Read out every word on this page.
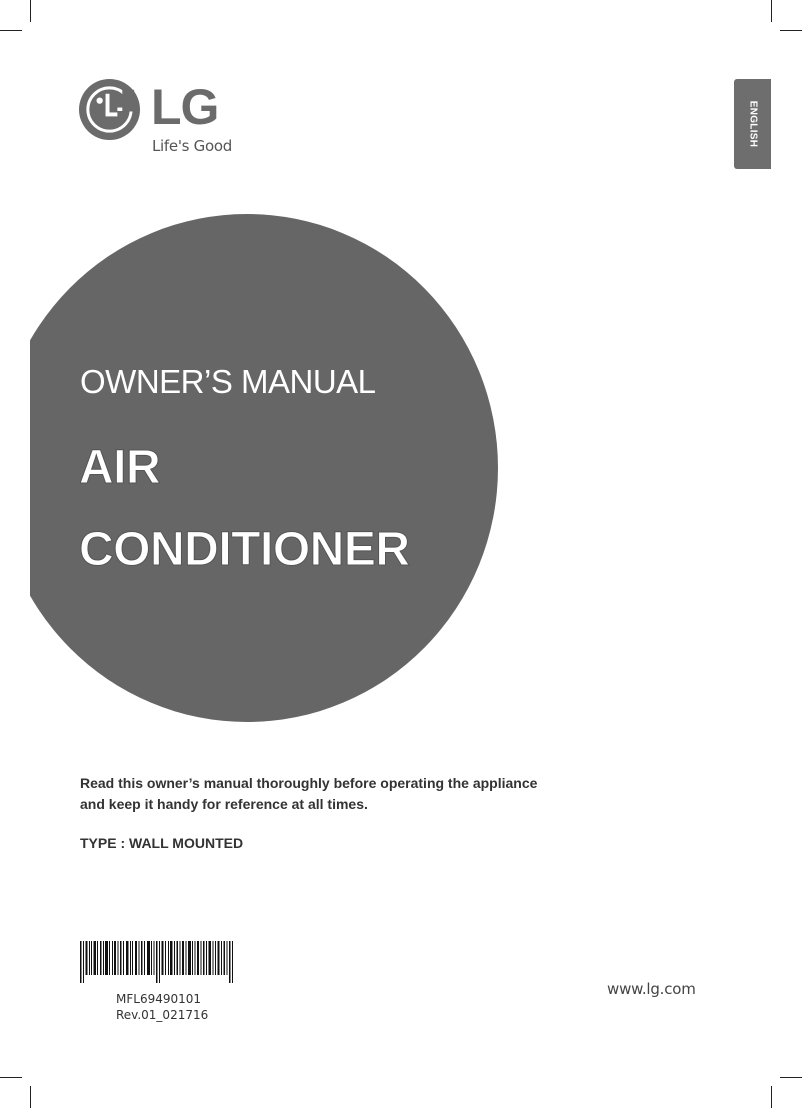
LG
Life's Good	ENGLISH
OWNER’S MANUAL
AIR
CONDITIONER
Read this owner’s manual thoroughly before operating the appliance
and keep it handy for reference at all times.
TYPE : WALL MOUNTED
MFL69490101
Rev.01_021716
www.lg.com
